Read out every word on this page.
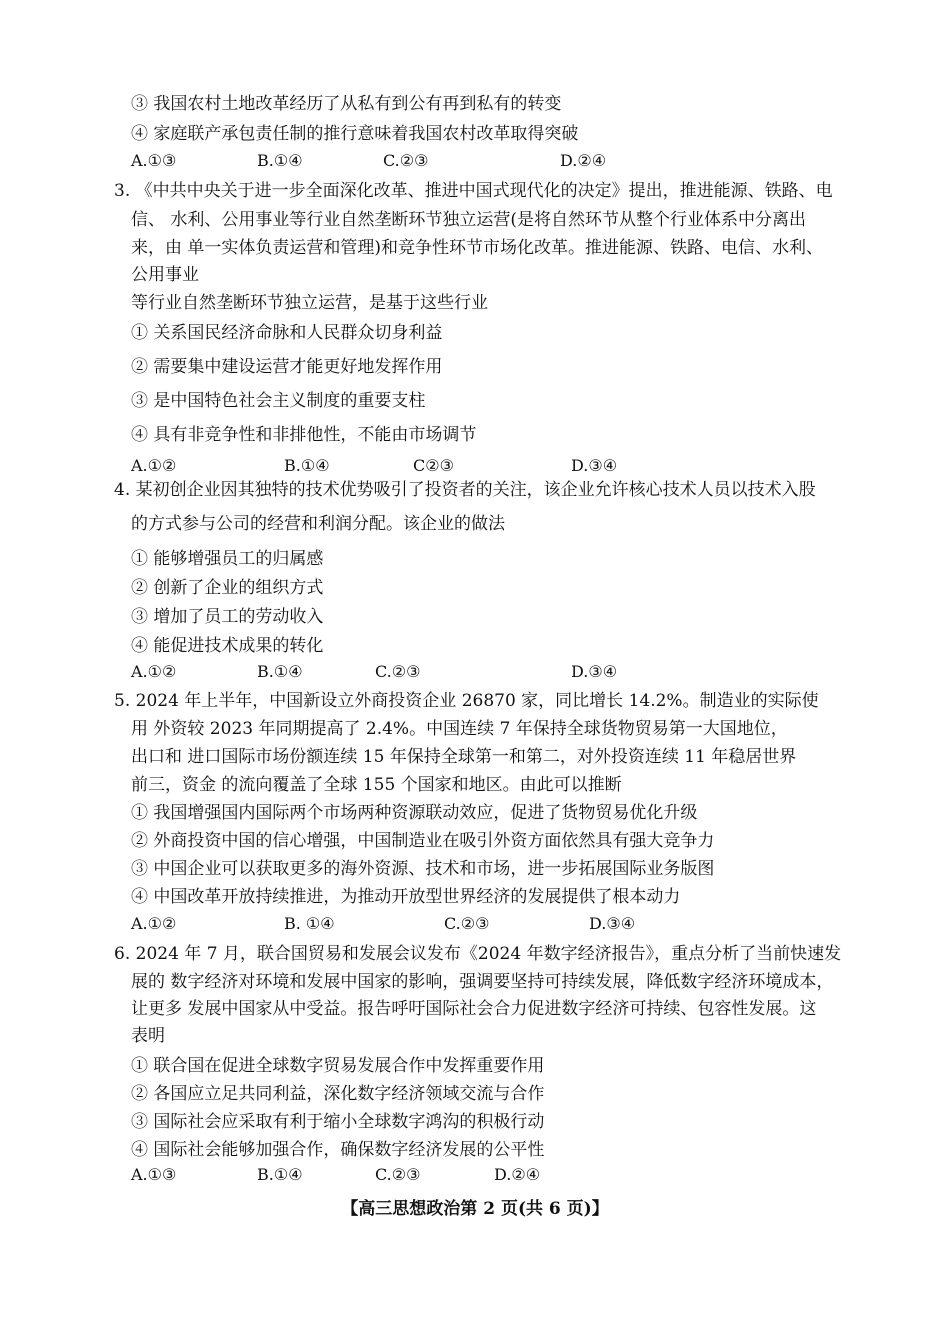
③ 我国农村土地改革经历了从私有到公有再到私有的转变
④ 家庭联产承包责任制的推行意味着我国农村改革取得突破
A.①③	B.①④	C.②③	D.②④
3. 《中共中央关于进一步全面深化改革、推进中国式现代化的决定》提出，推进能源、铁路、电
信、 水利、公用事业等行业自然垄断环节独立运营(是将自然环节从整个行业体系中分离出
来，由 单一实体负责运营和管理)和竞争性环节市场化改革。推进能源、铁路、电信、水利、
公用事业
等行业自然垄断环节独立运营，是基于这些行业
① 关系国民经济命脉和人民群众切身利益
② 需要集中建设运营才能更好地发挥作用
③ 是中国特色社会主义制度的重要支柱
④ 具有非竞争性和非排他性，不能由市场调节
A.①②	B.①④	C②③	D.③④
4. 某初创企业因其独特的技术优势吸引了投资者的关注，该企业允许核心技术人员以技术入股
的方式参与公司的经营和利润分配。该企业的做法
① 能够增强员工的归属感
② 创新了企业的组织方式
③ 增加了员工的劳动收入
④ 能促进技术成果的转化
A.①②	B.①④	C.②③	D.③④
5. 2024 年上半年，中国新设立外商投资企业 26870 家，同比增长 14.2%。制造业的实际使
用 外资较 2023 年同期提高了 2.4%。中国连续 7 年保持全球货物贸易第一大国地位，
出口和 进口国际市场份额连续 15 年保持全球第一和第二，对外投资连续 11 年稳居世界
前三，资金 的流向覆盖了全球 155 个国家和地区。由此可以推断
① 我国增强国内国际两个市场两种资源联动效应，促进了货物贸易优化升级
② 外商投资中国的信心增强，中国制造业在吸引外资方面依然具有强大竞争力
③ 中国企业可以获取更多的海外资源、技术和市场，进一步拓展国际业务版图
④ 中国改革开放持续推进，为推动开放型世界经济的发展提供了根本动力
A.①②	B. ①④	C.②③	D.③④
6. 2024 年 7 月，联合国贸易和发展会议发布《2024 年数字经济报告》，重点分析了当前快速发
展的 数字经济对环境和发展中国家的影响，强调要坚持可持续发展，降低数字经济环境成本，
让更多 发展中国家从中受益。报告呼吁国际社会合力促进数字经济可持续、包容性发展。这
表明
① 联合国在促进全球数字贸易发展合作中发挥重要作用
② 各国应立足共同利益，深化数字经济领域交流与合作
③ 国际社会应采取有利于缩小全球数字鸿沟的积极行动
④ 国际社会能够加强合作，确保数字经济发展的公平性
A.①③	B.①④	C.②③	D.②④
【高三思想政治第 2 页(共 6 页)】
